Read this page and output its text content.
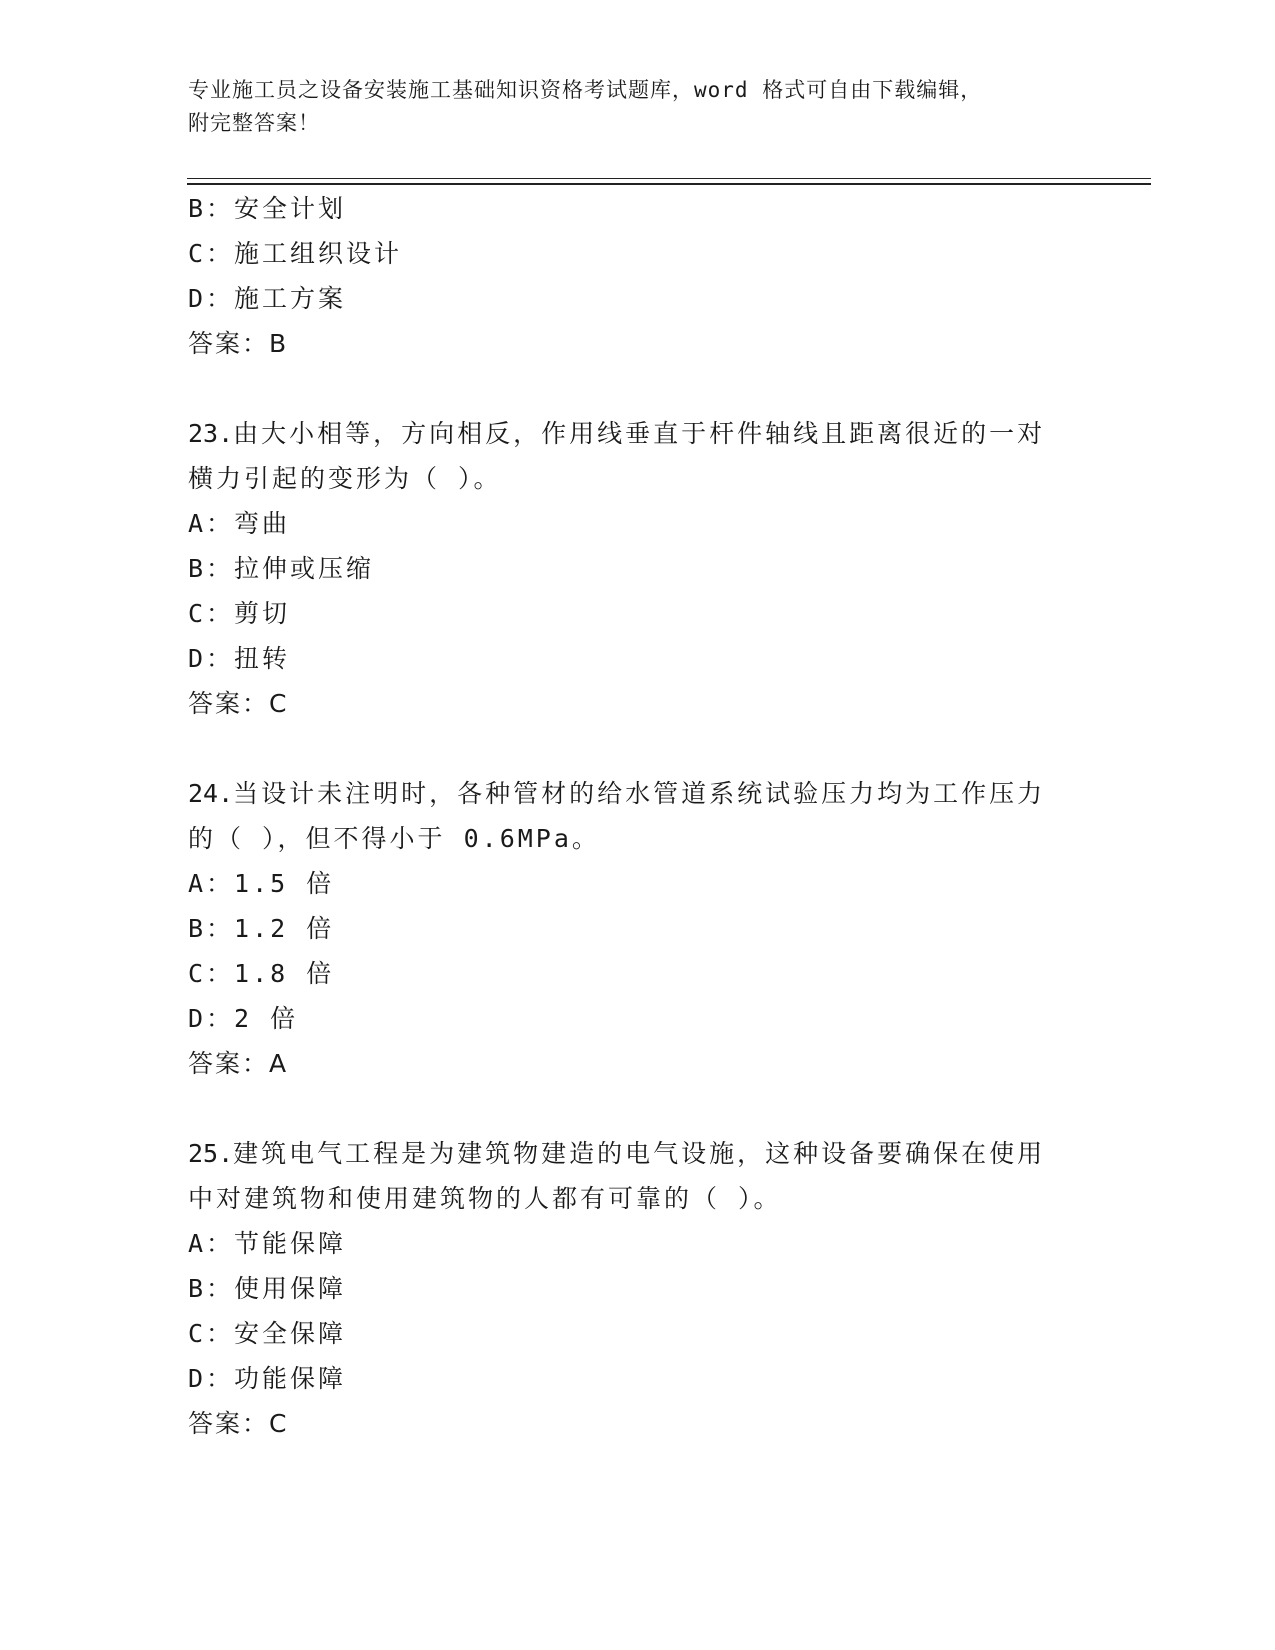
专业施工员之设备安装施工基础知识资格考试题库，word 格式可自由下载编辑，
附完整答案！
B：安全计划
C：施工组织设计
D：施工方案
答案：B
23.由大小相等，方向相反，作用线垂直于杆件轴线且距离很近的一对
横力引起的变形为（ ）。
A：弯曲
B：拉伸或压缩
C：剪切
D：扭转
答案：C
24.当设计未注明时，各种管材的给水管道系统试验压力均为工作压力
的（ ），但不得小于 0.6MPa。
A：1.5 倍
B：1.2 倍
C：1.8 倍
D：2 倍
答案：A
25.建筑电气工程是为建筑物建造的电气设施，这种设备要确保在使用
中对建筑物和使用建筑物的人都有可靠的（ ）。
A：节能保障
B：使用保障
C：安全保障
D：功能保障
答案：C
